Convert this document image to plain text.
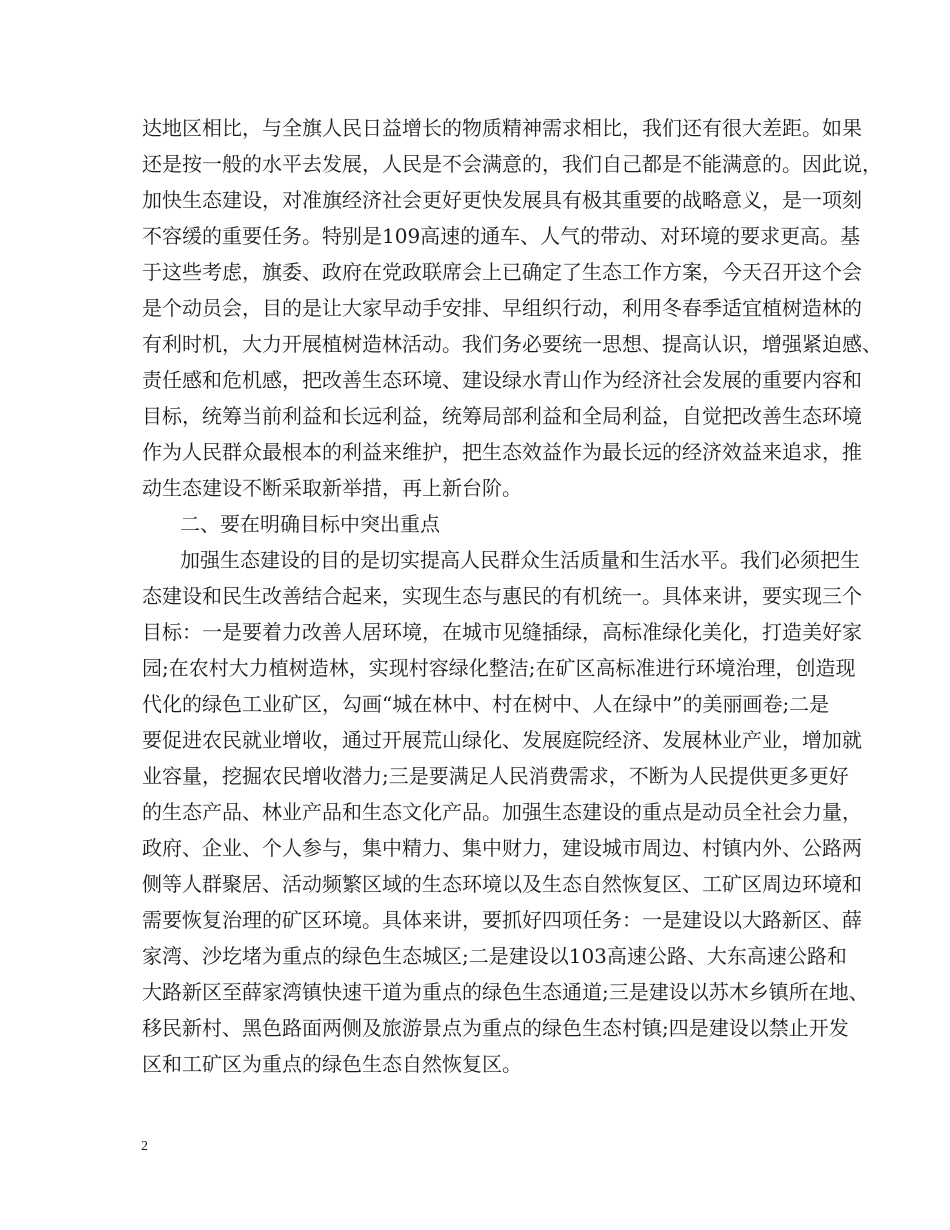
达地区相比，与全旗人民日益增长的物质精神需求相比，我们还有很大差距。如果
还是按一般的水平去发展，人民是不会满意的，我们自己都是不能满意的。因此说，
加快生态建设，对准旗经济社会更好更快发展具有极其重要的战略意义，是一项刻
不容缓的重要任务。特别是109高速的通车、人气的带动、对环境的要求更高。基
于这些考虑，旗委、政府在党政联席会上已确定了生态工作方案，今天召开这个会
是个动员会，目的是让大家早动手安排、早组织行动，利用冬春季适宜植树造林的
有利时机，大力开展植树造林活动。我们务必要统一思想、提高认识，增强紧迫感、
责任感和危机感，把改善生态环境、建设绿水青山作为经济社会发展的重要内容和
目标，统筹当前利益和长远利益，统筹局部利益和全局利益，自觉把改善生态环境
作为人民群众最根本的利益来维护，把生态效益作为最长远的经济效益来追求，推
动生态建设不断采取新举措，再上新台阶。
二、要在明确目标中突出重点
加强生态建设的目的是切实提高人民群众生活质量和生活水平。我们必须把生
态建设和民生改善结合起来，实现生态与惠民的有机统一。具体来讲，要实现三个
目标：一是要着力改善人居环境，在城市见缝插绿，高标准绿化美化，打造美好家
园;在农村大力植树造林，实现村容绿化整洁;在矿区高标准进行环境治理，创造现
代化的绿色工业矿区，勾画“城在林中、村在树中、人在绿中”的美丽画卷;二是
要促进农民就业增收，通过开展荒山绿化、发展庭院经济、发展林业产业，增加就
业容量，挖掘农民增收潜力;三是要满足人民消费需求，不断为人民提供更多更好
的生态产品、林业产品和生态文化产品。加强生态建设的重点是动员全社会力量，
政府、企业、个人参与，集中精力、集中财力，建设城市周边、村镇内外、公路两
侧等人群聚居、活动频繁区域的生态环境以及生态自然恢复区、工矿区周边环境和
需要恢复治理的矿区环境。具体来讲，要抓好四项任务：一是建设以大路新区、薛
家湾、沙圪堵为重点的绿色生态城区;二是建设以103高速公路、大东高速公路和
大路新区至薛家湾镇快速干道为重点的绿色生态通道;三是建设以苏木乡镇所在地、
移民新村、黑色路面两侧及旅游景点为重点的绿色生态村镇;四是建设以禁止开发
区和工矿区为重点的绿色生态自然恢复区。
2
